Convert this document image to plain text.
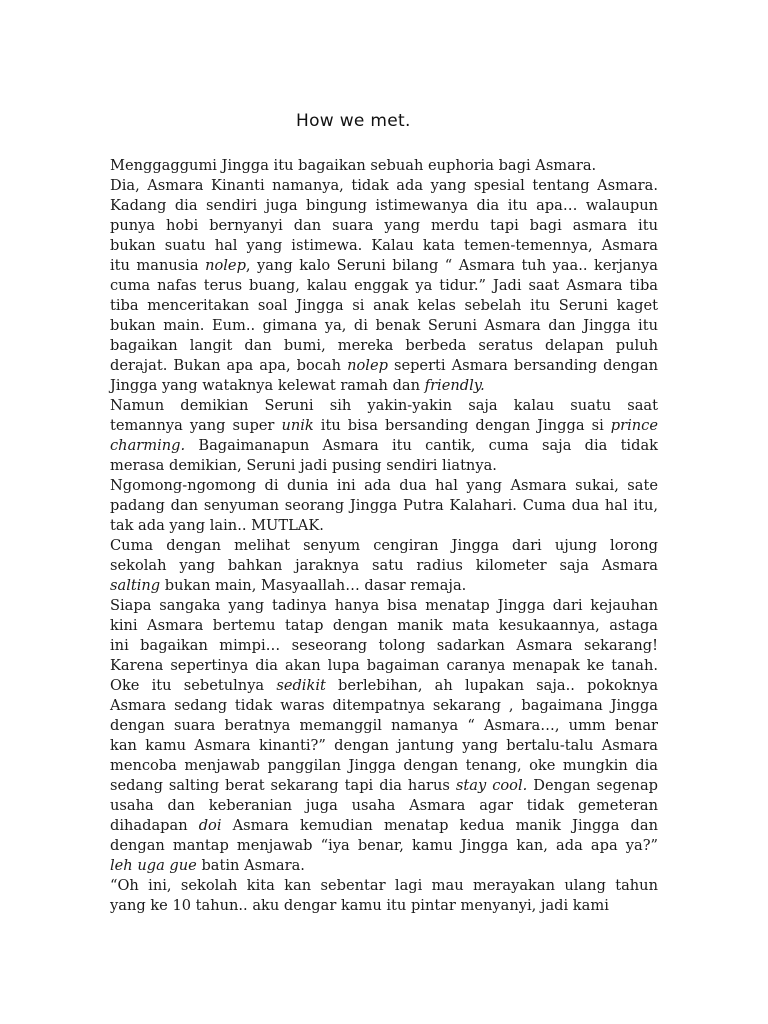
How we met.

Menggaggumi Jingga itu bagaikan sebuah euphoria bagi Asmara.

Dia, Asmara Kinanti namanya, tidak ada yang spesial tentang Asmara.
Kadang dia sendiri juga bingung istimewanya dia itu apa… walaupun
punya hobi bernyanyi dan suara yang merdu tapi bagi asmara itu
bukan suatu hal yang istimewa. Kalau kata temen-temennya, Asmara
itu manusia nolep, yang kalo Seruni bilang “ Asmara tuh yaa.. kerjanya
cuma nafas terus buang, kalau enggak ya tidur.” Jadi saat Asmara tiba
tiba menceritakan soal Jingga si anak kelas sebelah itu Seruni kaget
bukan main. Eum.. gimana ya, di benak Seruni Asmara dan Jingga itu
bagaikan langit dan bumi, mereka berbeda seratus delapan puluh
derajat. Bukan apa apa, bocah nolep seperti Asmara bersanding dengan
Jingga yang wataknya kelewat ramah dan friendly.

Namun demikian Seruni sih yakin-yakin saja kalau suatu saat
temannya yang super unik itu bisa bersanding dengan Jingga si prince
charming. Bagaimanapun Asmara itu cantik, cuma saja dia tidak
merasa demikian, Seruni jadi pusing sendiri liatnya.

Ngomong-ngomong di dunia ini ada dua hal yang Asmara sukai, sate
padang dan senyuman seorang Jingga Putra Kalahari. Cuma dua hal itu,
tak ada yang lain.. MUTLAK.

Cuma dengan melihat senyum cengiran Jingga dari ujung lorong
sekolah yang bahkan jaraknya satu radius kilometer saja Asmara
salting bukan main, Masyaallah… dasar remaja.

Siapa sangaka yang tadinya hanya bisa menatap Jingga dari kejauhan
kini Asmara bertemu tatap dengan manik mata kesukaannya, astaga
ini bagaikan mimpi… seseorang tolong sadarkan Asmara sekarang!
Karena sepertinya dia akan lupa bagaiman caranya menapak ke tanah.
Oke itu sebetulnya sedikit berlebihan, ah lupakan saja.. pokoknya
Asmara sedang tidak waras ditempatnya sekarang , bagaimana Jingga
dengan suara beratnya memanggil namanya “ Asmara…, umm benar
kan kamu Asmara kinanti?” dengan jantung yang bertalu-talu Asmara
mencoba menjawab panggilan Jingga dengan tenang, oke mungkin dia
sedang salting berat sekarang tapi dia harus stay cool. Dengan segenap
usaha dan keberanian juga usaha Asmara agar tidak gemeteran
dihadapan doi Asmara kemudian menatap kedua manik Jingga dan
dengan mantap menjawab “iya benar, kamu Jingga kan, ada apa ya?”
leh uga gue batin Asmara.

“Oh ini, sekolah kita kan sebentar lagi mau merayakan ulang tahun
yang ke 10 tahun.. aku dengar kamu itu pintar menyanyi, jadi kami
